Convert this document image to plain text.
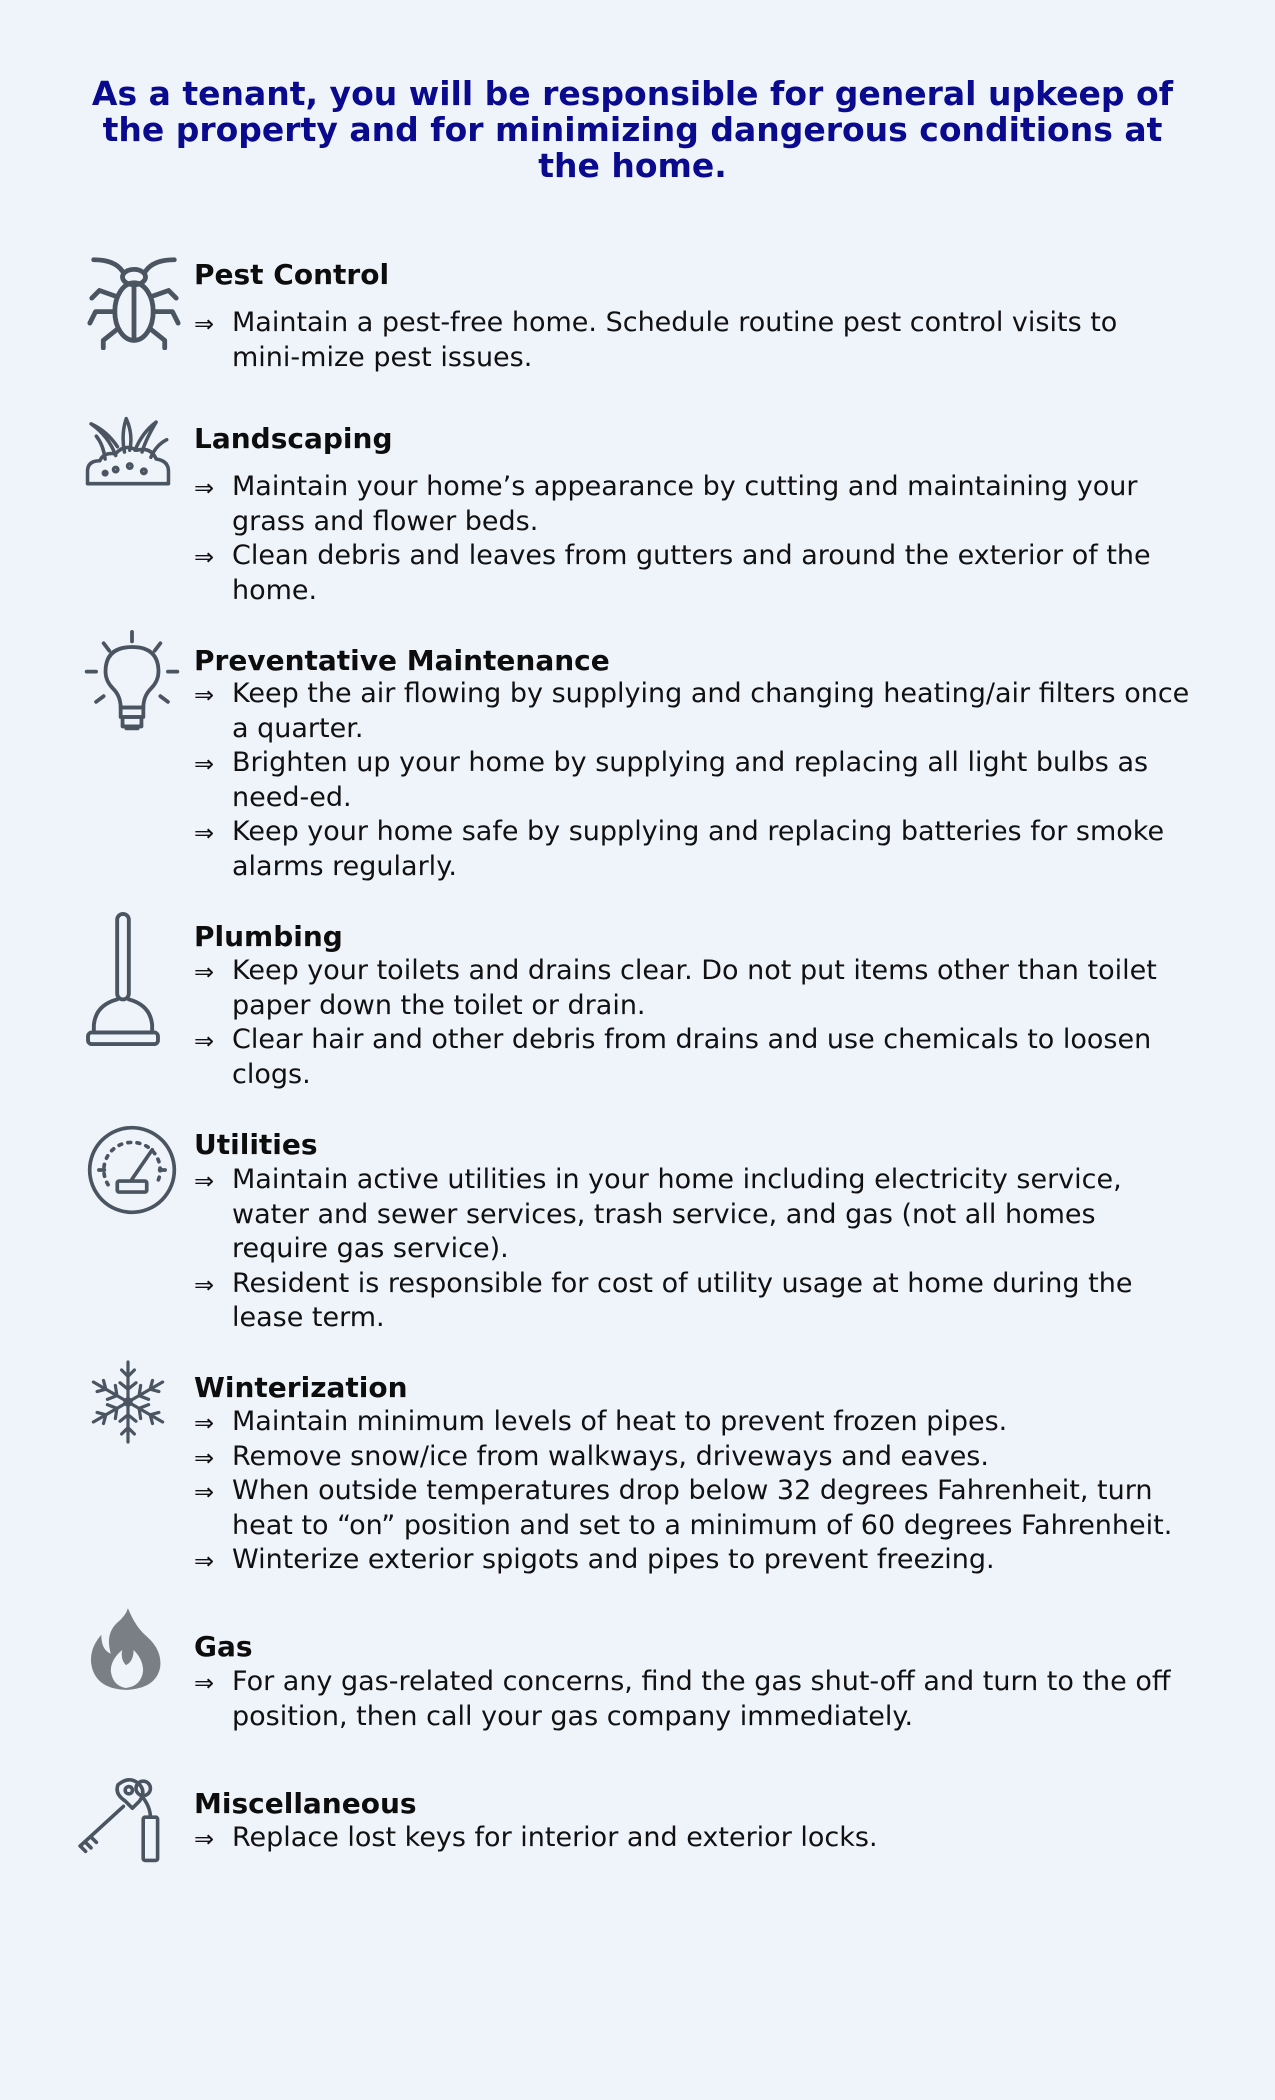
As a tenant, you will be responsible for general upkeep of the property and for minimizing dangerous conditions at the home.
Pest Control
⇒ Maintain a pest-free home. Schedule routine pest control visits to mini-mize pest issues.
Landscaping
⇒ Maintain your home’s appearance by cutting and maintaining your grass and flower beds.
⇒ Clean debris and leaves from gutters and around the exterior of the home.
Preventative Maintenance
⇒ Keep the air flowing by supplying and changing heating/air filters once a quarter.
⇒ Brighten up your home by supplying and replacing all light bulbs as need-ed.
⇒ Keep your home safe by supplying and replacing batteries for smoke alarms regularly.
Plumbing
⇒ Keep your toilets and drains clear. Do not put items other than toilet paper down the toilet or drain.
⇒ Clear hair and other debris from drains and use chemicals to loosen clogs.
Utilities
⇒ Maintain active utilities in your home including electricity service, water and sewer services, trash service, and gas (not all homes require gas service).
⇒ Resident is responsible for cost of utility usage at home during the lease term.
Winterization
⇒ Maintain minimum levels of heat to prevent frozen pipes.
⇒ Remove snow/ice from walkways, driveways and eaves.
⇒ When outside temperatures drop below 32 degrees Fahrenheit, turn heat to “on” position and set to a minimum of 60 degrees Fahrenheit.
⇒ Winterize exterior spigots and pipes to prevent freezing.
Gas
⇒ For any gas-related concerns, find the gas shut-off and turn to the off position, then call your gas company immediately.
Miscellaneous
⇒ Replace lost keys for interior and exterior locks.
